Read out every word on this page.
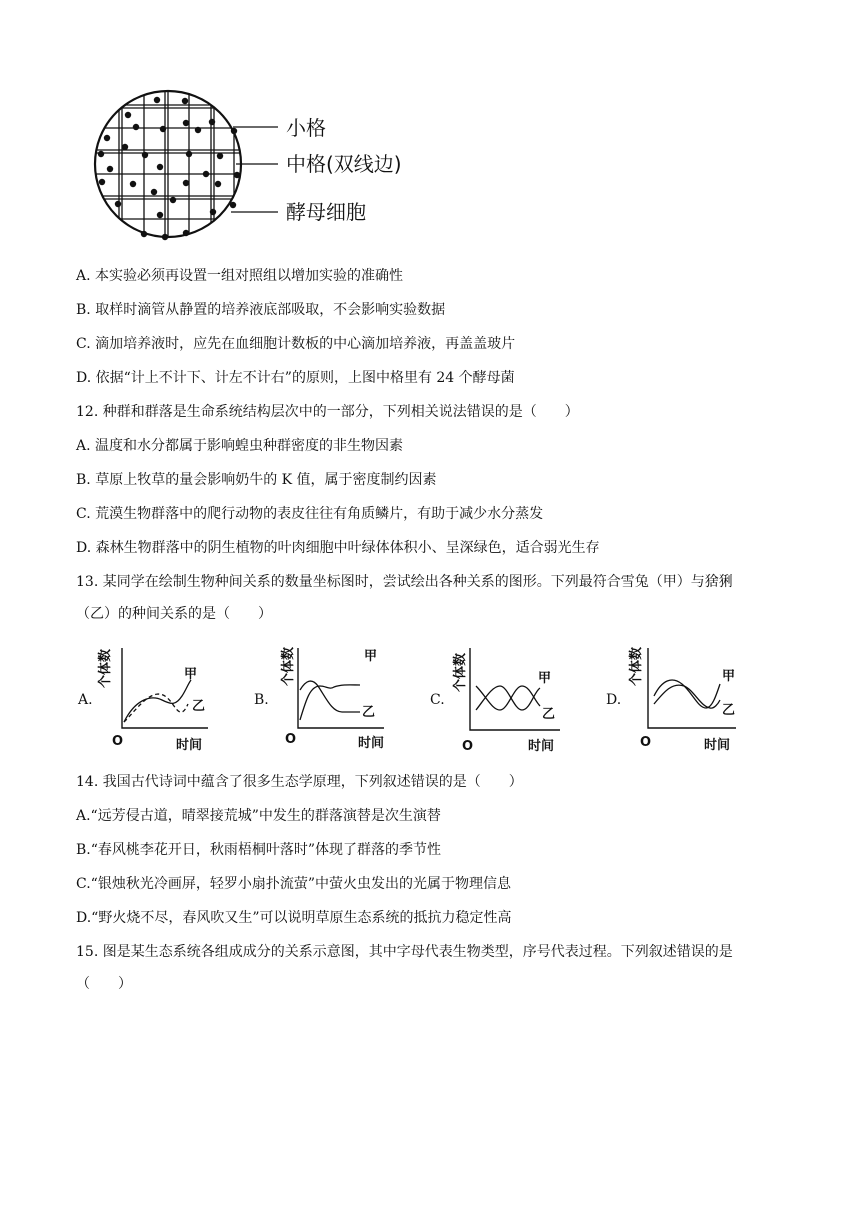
小格
中格(双线边)
酵母细胞
A. 本实验必须再设置一组对照组以增加实验的准确性
B. 取样时滴管从静置的培养液底部吸取，不会影响实验数据
C. 滴加培养液时，应先在血细胞计数板的中心滴加培养液，再盖盖玻片
D. 依据“计上不计下、计左不计右”的原则，上图中格里有 24 个酵母菌
12. 种群和群落是生命系统结构层次中的一部分，下列相关说法错误的是（　　）
A. 温度和水分都属于影响蝗虫种群密度的非生物因素
B. 草原上牧草的量会影响奶牛的 K 值，属于密度制约因素
C. 荒漠生物群落中的爬行动物的表皮往往有角质鳞片，有助于减少水分蒸发
D. 森林生物群落中的阴生植物的叶肉细胞中叶绿体体积小、呈深绿色，适合弱光生存
13. 某同学在绘制生物种间关系的数量坐标图时，尝试绘出各种关系的图形。下列最符合雪兔（甲）与猞猁
（乙）的种间关系的是（　　）
A.
个体数
时间
O
甲
乙	B.
个体数
时间
O
甲
乙
C.
个体数
时间
O
甲
乙
D.
个体数
时间
O
甲
乙
14. 我国古代诗词中蕴含了很多生态学原理，下列叙述错误的是（　　）
A.“远芳侵古道，晴翠接荒城”中发生的群落演替是次生演替
B.“春风桃李花开日，秋雨梧桐叶落时”体现了群落的季节性
C.“银烛秋光冷画屏，轻罗小扇扑流萤”中萤火虫发出的光属于物理信息
D.“野火烧不尽，春风吹又生”可以说明草原生态系统的抵抗力稳定性高
15. 图是某生态系统各组成成分的关系示意图，其中字母代表生物类型，序号代表过程。下列叙述错误的是
（　　）
